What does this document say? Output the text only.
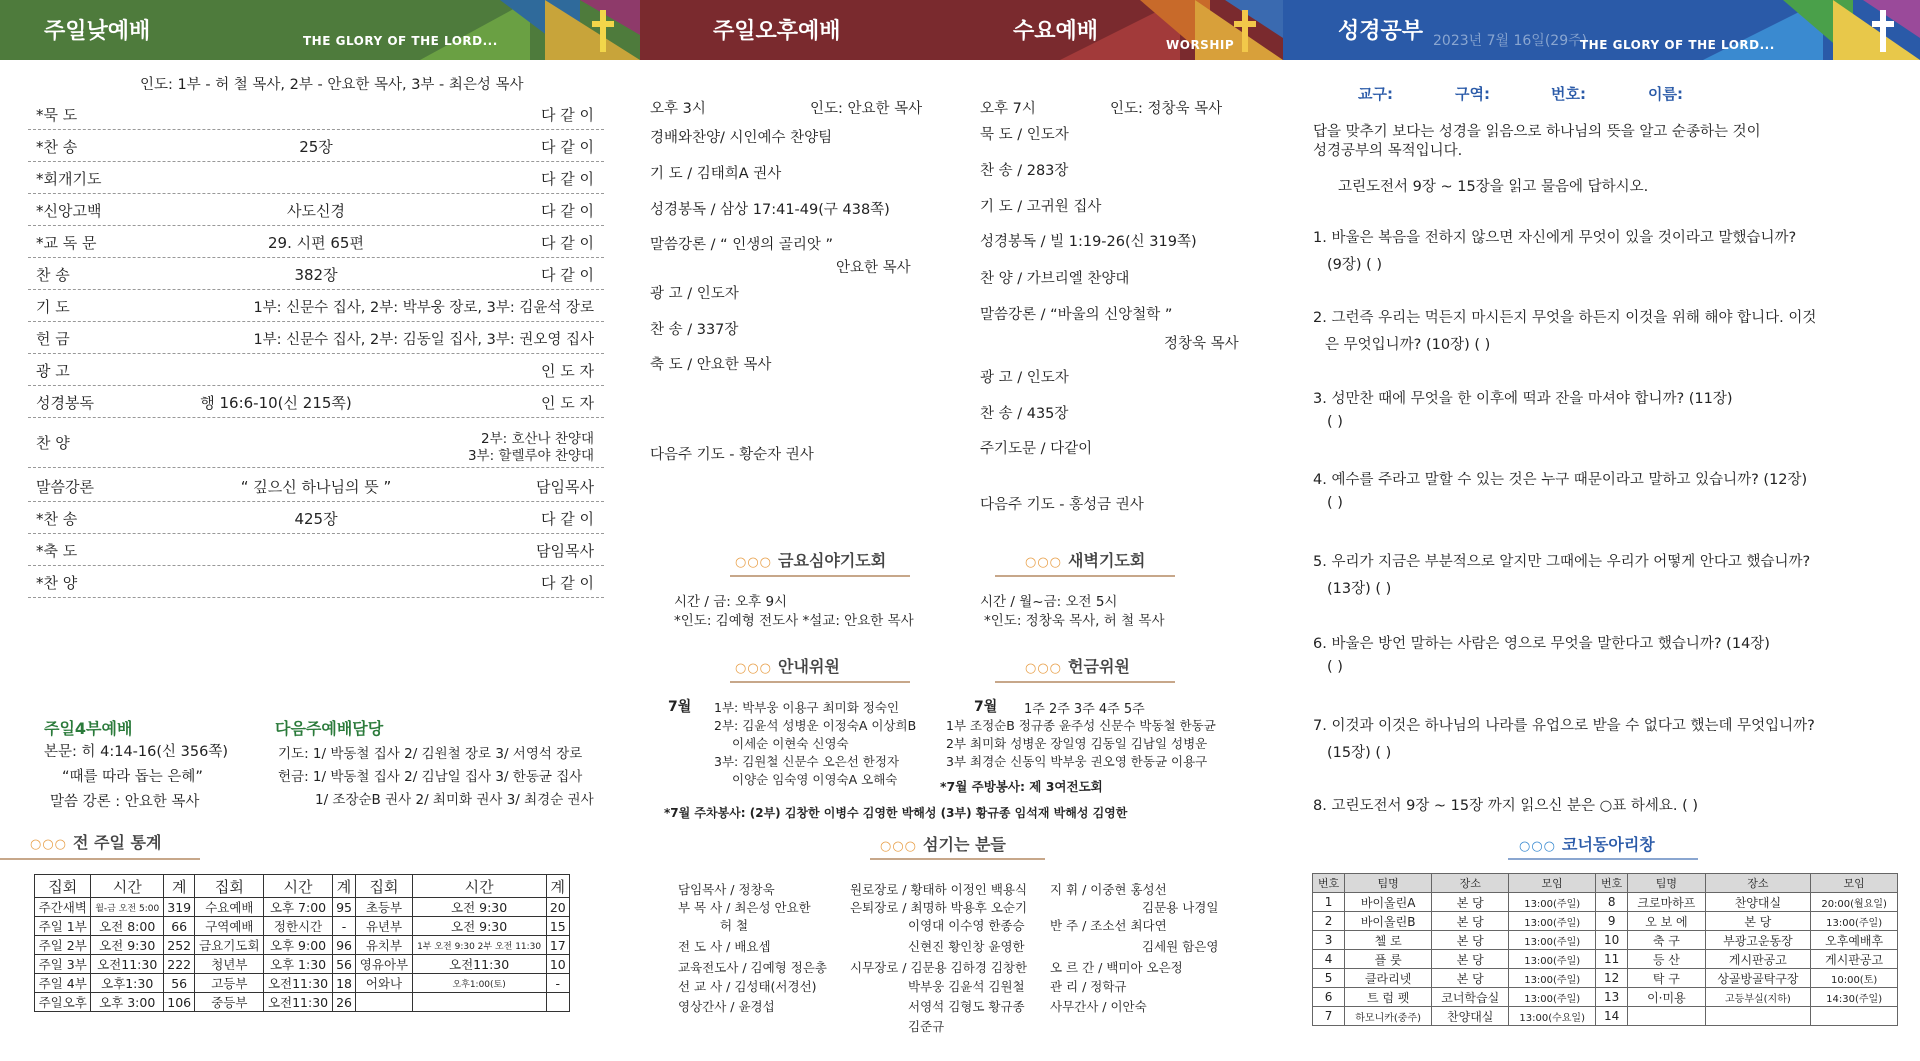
주일낮예배	THE GLORY OF THE LORD...
인도: 1부 - 허 철 목사, 2부 - 안요한 목사, 3부 - 최은성 목사
*묵 도	다 같 이
*찬 송	25장	다 같 이
*회개기도	다 같 이
*신앙고백	사도신경	다 같 이
*교 독 문	29. 시편 65편	다 같 이
찬 송	382장	다 같 이
기 도	1부: 신문수 집사, 2부: 박부웅 장로, 3부: 김윤석 장로
헌 금	1부: 신문수 집사, 2부: 김동일 집사, 3부: 권오영 집사
광 고	인 도 자
성경봉독	행 16:6-10(신 215쪽)	인 도 자
찬 양	2부: 호산나 찬양대
3부: 할렐루야 찬양대
말씀강론	“ 깊으신 하나님의 뜻 ”	담임목사
*찬 송	425장	다 같 이
*축 도	담임목사
*찬 양	다 같 이
주일4부예배
본문: 히 4:14-16(신 356쪽)
“때를 따라 돕는 은혜”
말씀 강론 : 안요한 목사
다음주예배담당
기도: 1/ 박동철 집사 2/ 김원철 장로 3/ 서영석 장로
헌금: 1/ 박동철 집사 2/ 김남일 집사 3/ 한동균 집사
1/ 조장순B 권사 2/ 최미화 권사 3/ 최경순 권사
○○○ 전 주일 통계
집회	시간	계	집회	시간	계	집회	시간	계
주간새벽	월-금 오전 5:00	319	수요예배	오후 7:00	95	초등부	오전 9:30	20
주일 1부	오전 8:00	66	구역예배	정한시간	-	유년부	오전 9:30	15
주일 2부	오전 9:30	252	금요기도회	오후 9:00	96	유치부	1부 오전 9:30 2부 오전 11:30	17
주일 3부	오전11:30	222	청년부	오후 1:30	56	영유아부	오전11:30	10
주일 4부	오후1:30	56	고등부	오전11:30	18	어와나	오후1:00(토)	-
주일오후	오후 3:00	106	중등부	오전11:30	26			
주일오후예배	수요예배
WORSHIP
오후 3시	인도: 안요한 목사
경배와찬양/ 시인예수 찬양팀
기 도 / 김태희A 권사
성경봉독 / 삼상 17:41-49(구 438쪽)
말씀강론 / “ 인생의 골리앗 ”
안요한 목사
광 고 / 인도자
찬 송 / 337장
축 도 / 안요한 목사
다음주 기도 - 황순자 권사
오후 7시	인도: 정창욱 목사
묵 도 / 인도자
찬 송 / 283장
기 도 / 고귀원 집사
성경봉독 / 빌 1:19-26(신 319쪽)
찬 양 / 가브리엘 찬양대
말씀강론 / “바울의 신앙철학 ”
정창욱 목사
광 고 / 인도자
찬 송 / 435장
주기도문 / 다같이
다음주 기도 - 홍성금 권사
○○○ 금요심야기도회
시간 / 금: 오후 9시
*인도: 김예형 전도사 *설교: 안요한 목사
○○○ 새벽기도회
시간 / 월~금: 오전 5시
*인도: 정창욱 목사, 허 철 목사
○○○ 안내위원
7월 1부: 박부웅 이용구 최미화 정숙인
2부: 김윤석 성병운 이정숙A 이상희B
이세순 이현숙 신영숙
3부: 김원철 신문수 오은선 한정자
이양순 임숙영 이영숙A 오해숙
○○○ 헌금위원
7월 1주 2주 3주 4주 5주
1부 조정순B 정규종 윤주성 신문수 박동철 한동균
2부 최미화 성병운 장일영 김동일 김남일 성병운
3부 최경순 신동익 박부웅 권오영 한동균 이용구
*7월 주방봉사: 제 3여전도회
*7월 주차봉사: (2부) 김창한 이병수 김영한 박해성 (3부) 황규종 임석재 박해성 김영한
○○○ 섬기는 분들
담임목사 / 정창욱
부 목 사 / 최은성 안요한
허 철
전 도 사 / 배요셉
교육전도사 / 김예형 정은총
선 교 사 / 김성태(서경선)
영상간사 / 윤경섭
원로장로 / 황태하 이정인 백용식
은퇴장로 / 최명하 박용후 오순기
이영대 이수영 한종승
신현진 황인창 윤영한
시무장로 / 김문용 김하경 김창한
박부웅 김윤석 김원철
서영석 김형도 황규종
김준규
지 휘 / 이중현 홍성선
김문용 나경일
반 주 / 조소선 최다연
김세원 함은영
오 르 간 / 백미아 오은정
관 리 / 정학규
사무간사 / 이안숙
성경공부 2023년 7월 16일(29주)
THE GLORY OF THE LORD...
교구:	구역:	번호:	이름:
답을 맞추기 보다는 성경을 읽음으로 하나님의 뜻을 알고 순종하는 것이
성경공부의 목적입니다.
고린도전서 9장 ~ 15장을 읽고 물음에 답하시오.
1. 바울은 복음을 전하지 않으면 자신에게 무엇이 있을 것이라고 말했습니까?
(9장) ( )
2. 그런즉 우리는 먹든지 마시든지 무엇을 하든지 이것을 위해 해야 합니다. 이것
은 무엇입니까? (10장) ( )
3. 성만찬 때에 무엇을 한 이후에 떡과 잔을 마셔야 합니까? (11장)
( )
4. 예수를 주라고 말할 수 있는 것은 누구 때문이라고 말하고 있습니까? (12장)
( )
5. 우리가 지금은 부분적으로 알지만 그때에는 우리가 어떻게 안다고 했습니까?
(13장) ( )
6. 바울은 방언 말하는 사람은 영으로 무엇을 말한다고 했습니까? (14장)
( )
7. 이것과 이것은 하나님의 나라를 유업으로 받을 수 없다고 했는데 무엇입니까?
(15장) ( )
8. 고린도전서 9장 ~ 15장 까지 읽으신 분은 ○표 하세요. ( )
○○○ 코너동아리창
번호	팀명	장소	모임	번호	팀명	장소	모임
1	바이올린A	본 당	13:00(주일)	8	크로마하프	찬양대실	20:00(월요일)
2	바이올린B	본 당	13:00(주일)	9	오 보 에	본 당	13:00(주일)
3	첼 로	본 당	13:00(주일)	10	축 구	부광고운동장	오후예배후
4	플 룻	본 당	13:00(주일)	11	등 산	게시판공고	게시판공고
5	클라리넷	본 당	13:00(주일)	12	탁 구	상골방골탁구장	10:00(토)
6	트 럼 펫	코너학습실	13:00(주일)	13	이·미용	고등부실(지하)	14:30(주일)
7	하모니카(중주)	찬양대실	13:00(수요일)	14			
